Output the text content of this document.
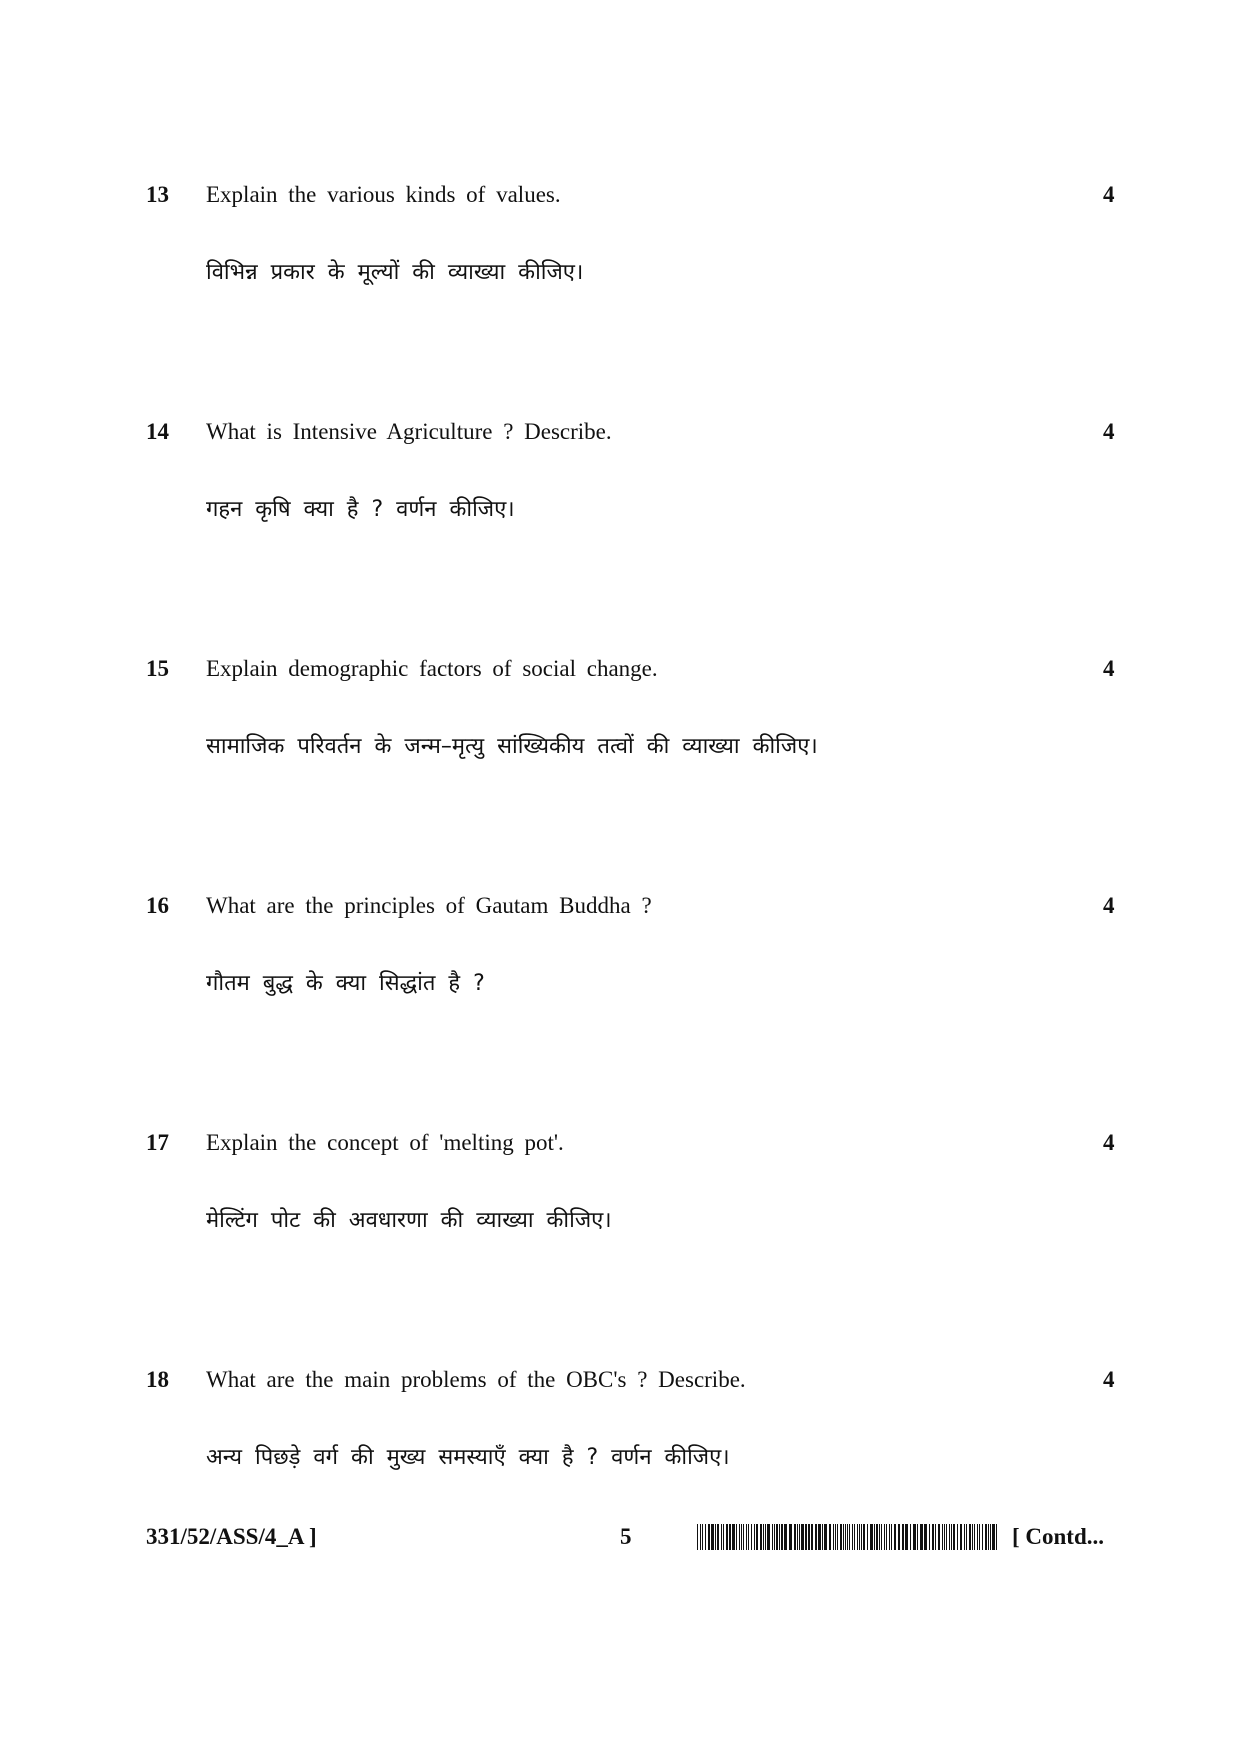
13 Explain the various kinds of values.	4
विभिन्न प्रकार के मूल्यों की व्याख्या कीजिए।
14 What is Intensive Agriculture ? Describe.	4
गहन कृषि क्या है ? वर्णन कीजिए।
15 Explain demographic factors of social change.	4
सामाजिक परिवर्तन के जन्म–मृत्यु सांख्यिकीय तत्वों की व्याख्या कीजिए।
16 What are the principles of Gautam Buddha ?	4
गौतम बुद्ध के क्या सिद्धांत है ?
17 Explain the concept of 'melting pot'.	4
मेल्टिंग पोट की अवधारणा की व्याख्या कीजिए।
18 What are the main problems of the OBC's ? Describe.	4
अन्य पिछड़े वर्ग की मुख्य समस्याएँ क्या है ? वर्णन कीजिए।
331/52/ASS/4_A ]	5	[ Contd...
